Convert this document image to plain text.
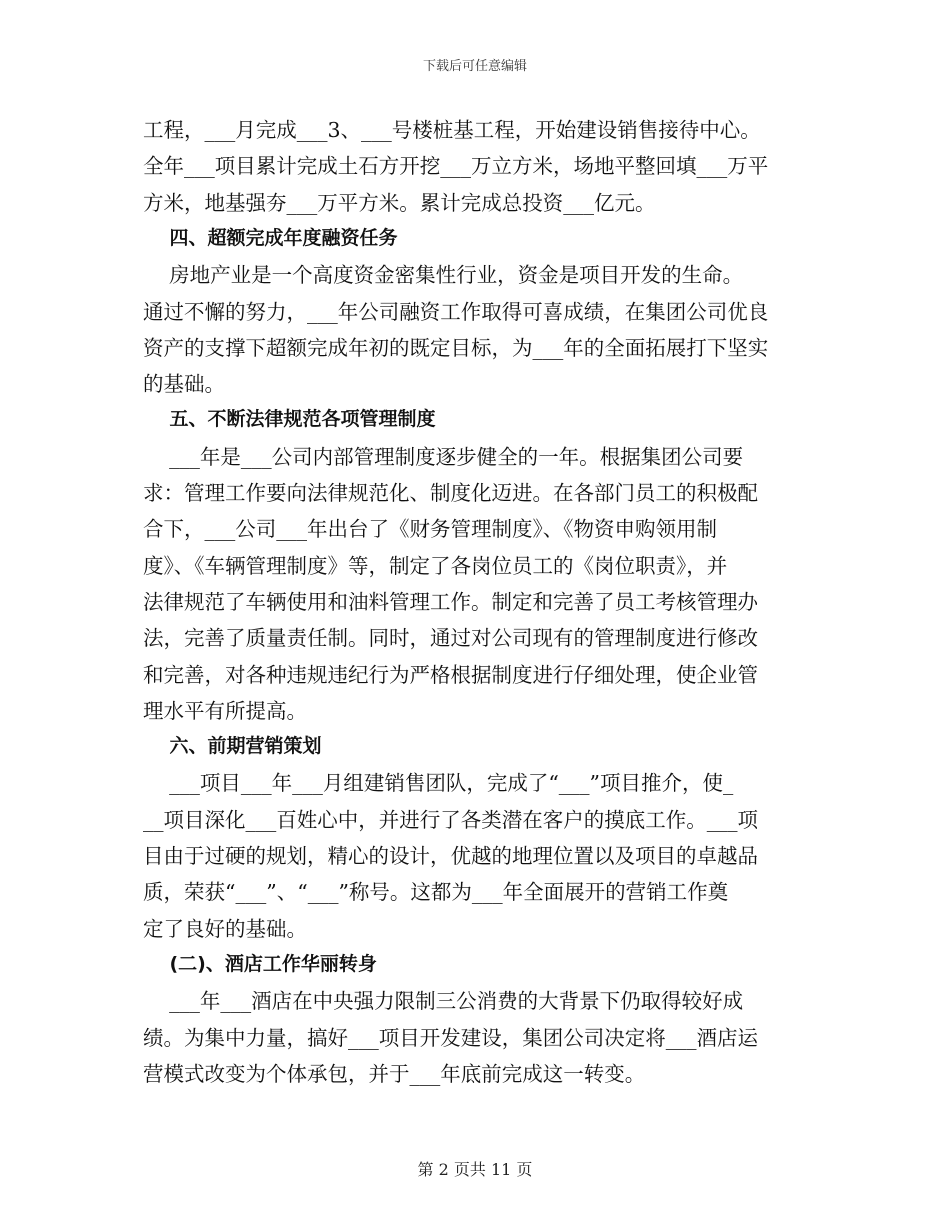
下载后可任意编辑
工程，___月完成___3、___号楼桩基工程，开始建设销售接待中心。
全年___项目累计完成土石方开挖___万立方米，场地平整回填___万平
方米，地基强夯___万平方米。累计完成总投资___亿元。
四、超额完成年度融资任务
房地产业是一个高度资金密集性行业，资金是项目开发的生命。
通过不懈的努力，___年公司融资工作取得可喜成绩，在集团公司优良
资产的支撑下超额完成年初的既定目标，为___年的全面拓展打下坚实
的基础。
五、不断法律规范各项管理制度
___年是___公司内部管理制度逐步健全的一年。根据集团公司要
求：管理工作要向法律规范化、制度化迈进。在各部门员工的积极配
合下，___公司___年出台了《财务管理制度》、《物资申购领用制
度》、《车辆管理制度》等，制定了各岗位员工的《岗位职责》，并
法律规范了车辆使用和油料管理工作。制定和完善了员工考核管理办
法，完善了质量责任制。同时，通过对公司现有的管理制度进行修改
和完善，对各种违规违纪行为严格根据制度进行仔细处理，使企业管
理水平有所提高。
六、前期营销策划
___项目___年___月组建销售团队，完成了“___”项目推介，使_
__项目深化___百姓心中，并进行了各类潜在客户的摸底工作。___项
目由于过硬的规划，精心的设计，优越的地理位置以及项目的卓越品
质，荣获“___”、“___”称号。这都为___年全面展开的营销工作奠
定了良好的基础。
(二)、酒店工作华丽转身
___年___酒店在中央强力限制三公消费的大背景下仍取得较好成
绩。为集中力量，搞好___项目开发建设，集团公司决定将___酒店运
营模式改变为个体承包，并于___年底前完成这一转变。
第 2 页共 11 页
